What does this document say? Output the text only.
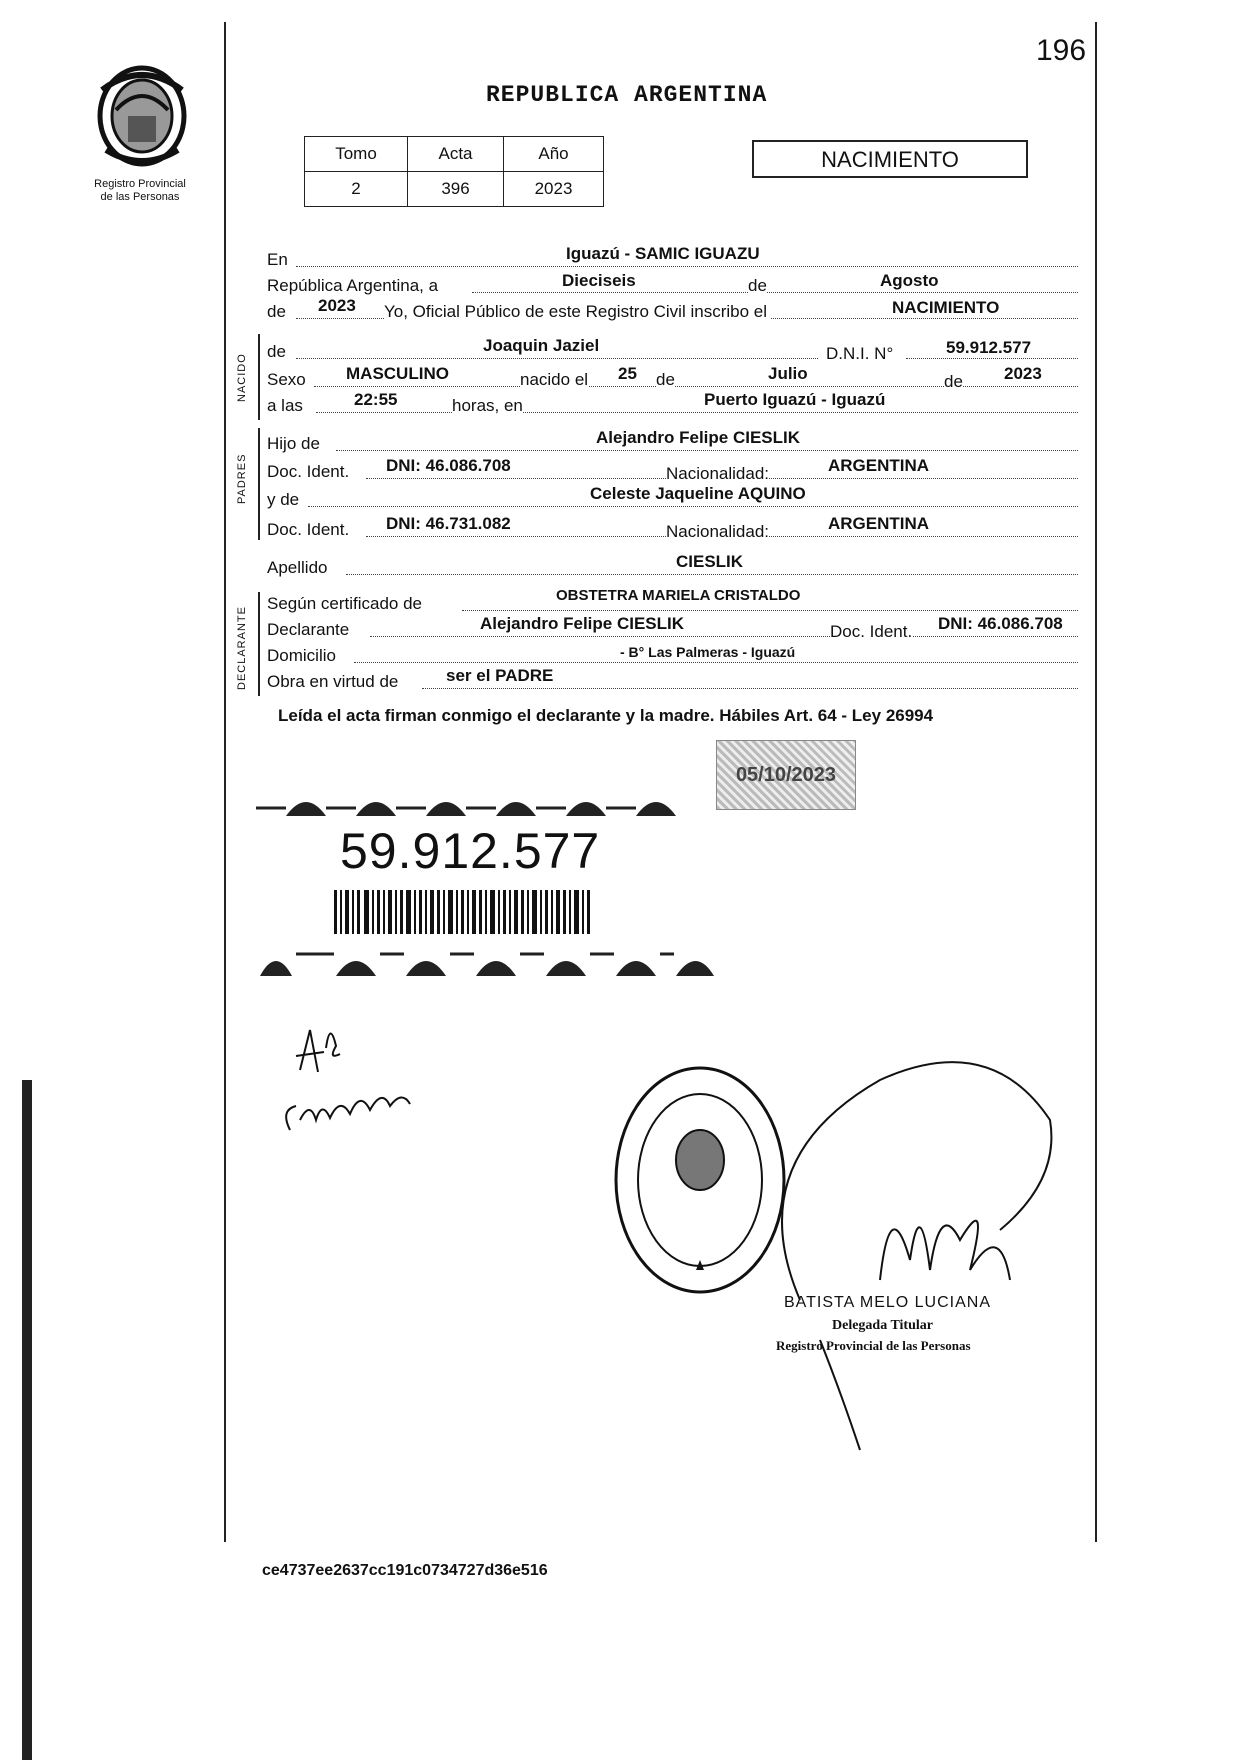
196
Registro Provincial
de las Personas
REPUBLICA ARGENTINA
Tomo	Acta	Año
2	396	2023
NACIMIENTO
En	Iguazú - SAMIC IGUAZU
República Argentina, a	Dieciseis	de	Agosto
de 2023 Yo, Oficial Público de este Registro Civil inscribo el	NACIMIENTO
NACIDO
de	Joaquin Jaziel	D.N.I. N°	59.912.577
Sexo MASCULINO	nacido el 25 de	Julio	de 2023
a las	22:55	horas, en	Puerto Iguazú - Iguazú
PADRES
Hijo de	Alejandro Felipe CIESLIK
Doc. Ident. DNI: 46.086.708	Nacionalidad:	ARGENTINA
y de	Celeste Jaqueline AQUINO
Doc. Ident. DNI: 46.731.082	Nacionalidad:	ARGENTINA
Apellido	CIESLIK
DECLARANTE
Según certificado de	OBSTETRA MARIELA CRISTALDO
Declarante	Alejandro Felipe CIESLIK	Doc. Ident. DNI: 46.086.708
Domicilio	- B° Las Palmeras - Iguazú
Obra en virtud de	ser el PADRE
Leída el acta firman conmigo el declarante y la madre. Hábiles Art. 64 - Ley 26994
05/10/2023
59.912.577
BATISTA MELO LUCIANA
Delegada Titular
Registro Provincial de las Personas
ce4737ee2637cc191c0734727d36e516
